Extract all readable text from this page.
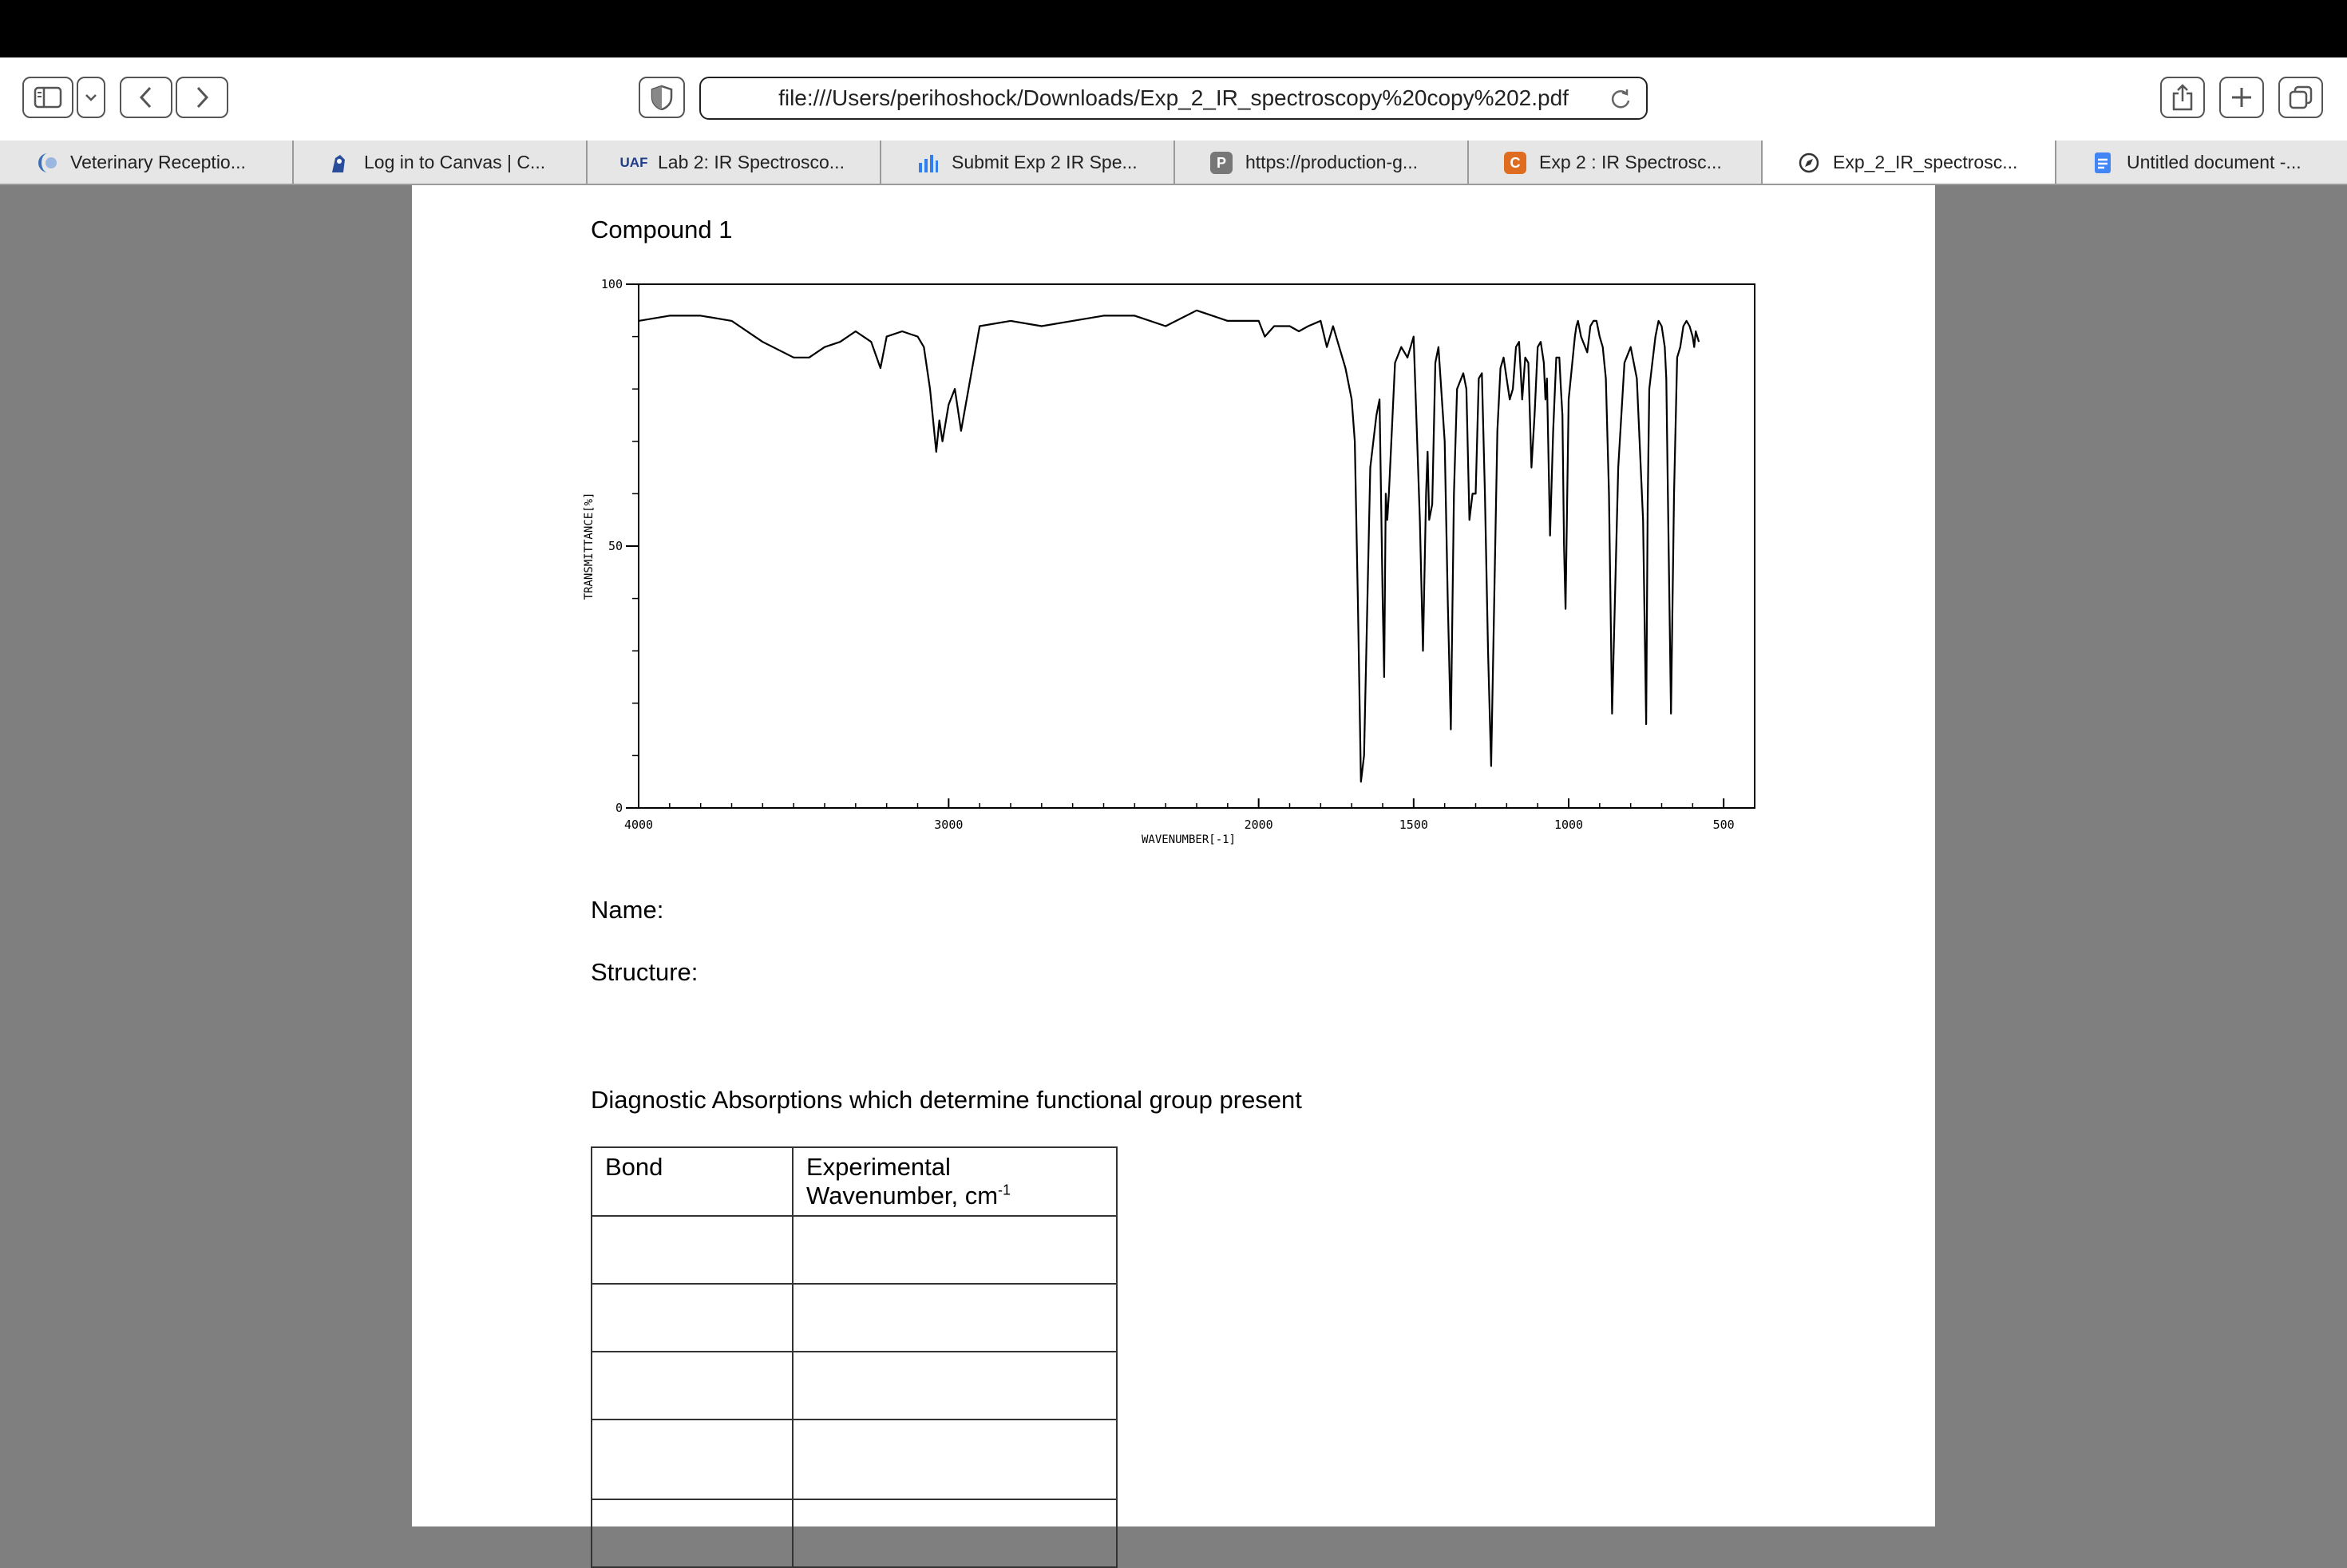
file:///Users/perihoshock/Downloads/Exp_2_IR_spectroscopy%20copy%202.pdf
Veterinary Receptio...	Log in to Canvas | C...	UAF Lab 2: IR Spectrosco...	Submit Exp 2 IR Spe...	P	https://production-g...	C	Exp 2 : IR Spectrosc...	Exp_2_IR_spectrosc...	Untitled document -...
Compound 1
4000	3000	2000	1500	1000	500
0
50
100
WAVENUMBER[-1]
TRANSMITTANCE[%]
Name:
Structure:
Diagnostic Absorptions which determine functional group present
Bond	Experimental Wavenumber, $cm^{-1}$
